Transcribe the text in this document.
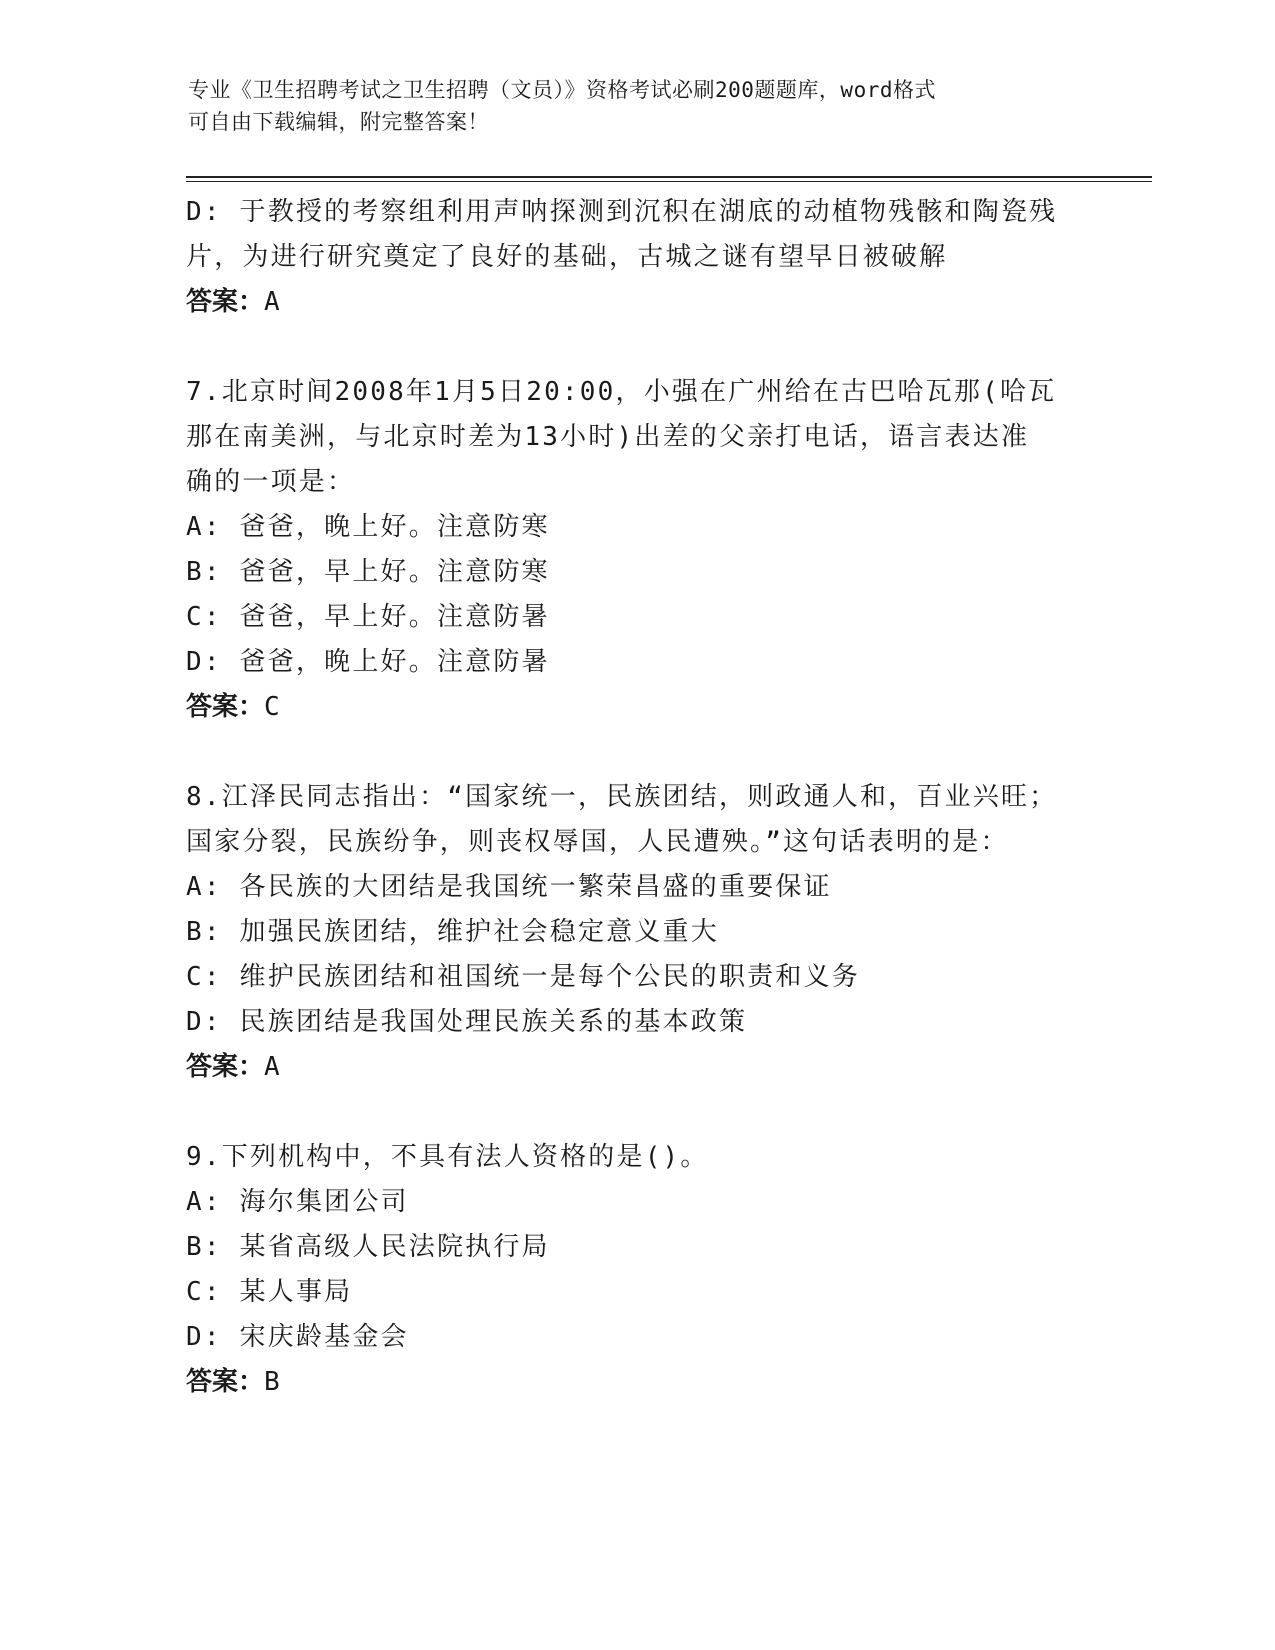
专业《卫生招聘考试之卫生招聘（文员）》资格考试必刷200题题库，word格式
可自由下载编辑，附完整答案！
D: 于教授的考察组利用声呐探测到沉积在湖底的动植物残骸和陶瓷残
片，为进行研究奠定了良好的基础，古城之谜有望早日被破解
答案：A
7.北京时间2008年1月5日20:00，小强在广州给在古巴哈瓦那(哈瓦
那在南美洲，与北京时差为13小时)出差的父亲打电话，语言表达准
确的一项是：
A: 爸爸，晚上好。注意防寒
B: 爸爸，早上好。注意防寒
C: 爸爸，早上好。注意防暑
D: 爸爸，晚上好。注意防暑
答案：C
8.江泽民同志指出：“国家统一，民族团结，则政通人和，百业兴旺；
国家分裂，民族纷争，则丧权辱国，人民遭殃。”这句话表明的是：
A: 各民族的大团结是我国统一繁荣昌盛的重要保证
B: 加强民族团结，维护社会稳定意义重大
C: 维护民族团结和祖国统一是每个公民的职责和义务
D: 民族团结是我国处理民族关系的基本政策
答案：A
9.下列机构中，不具有法人资格的是()。
A: 海尔集团公司
B: 某省高级人民法院执行局
C: 某人事局
D: 宋庆龄基金会
答案：B
